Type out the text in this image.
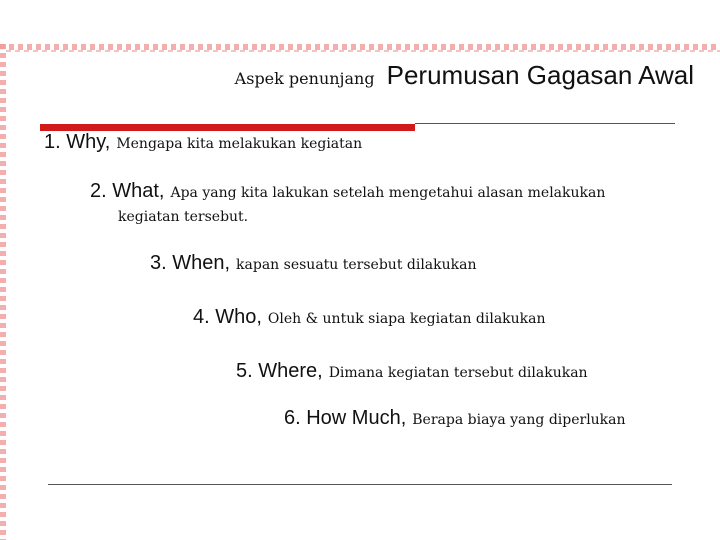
Aspek penunjang Perumusan Gagasan Awal
1. Why, Mengapa kita melakukan kegiatan
2. What, Apa yang kita lakukan setelah mengetahui alasan melakukan
kegiatan tersebut.
3. When, kapan sesuatu tersebut dilakukan
4. Who, Oleh & untuk siapa kegiatan dilakukan
5. Where, Dimana kegiatan tersebut dilakukan
6. How Much, Berapa biaya yang diperlukan
